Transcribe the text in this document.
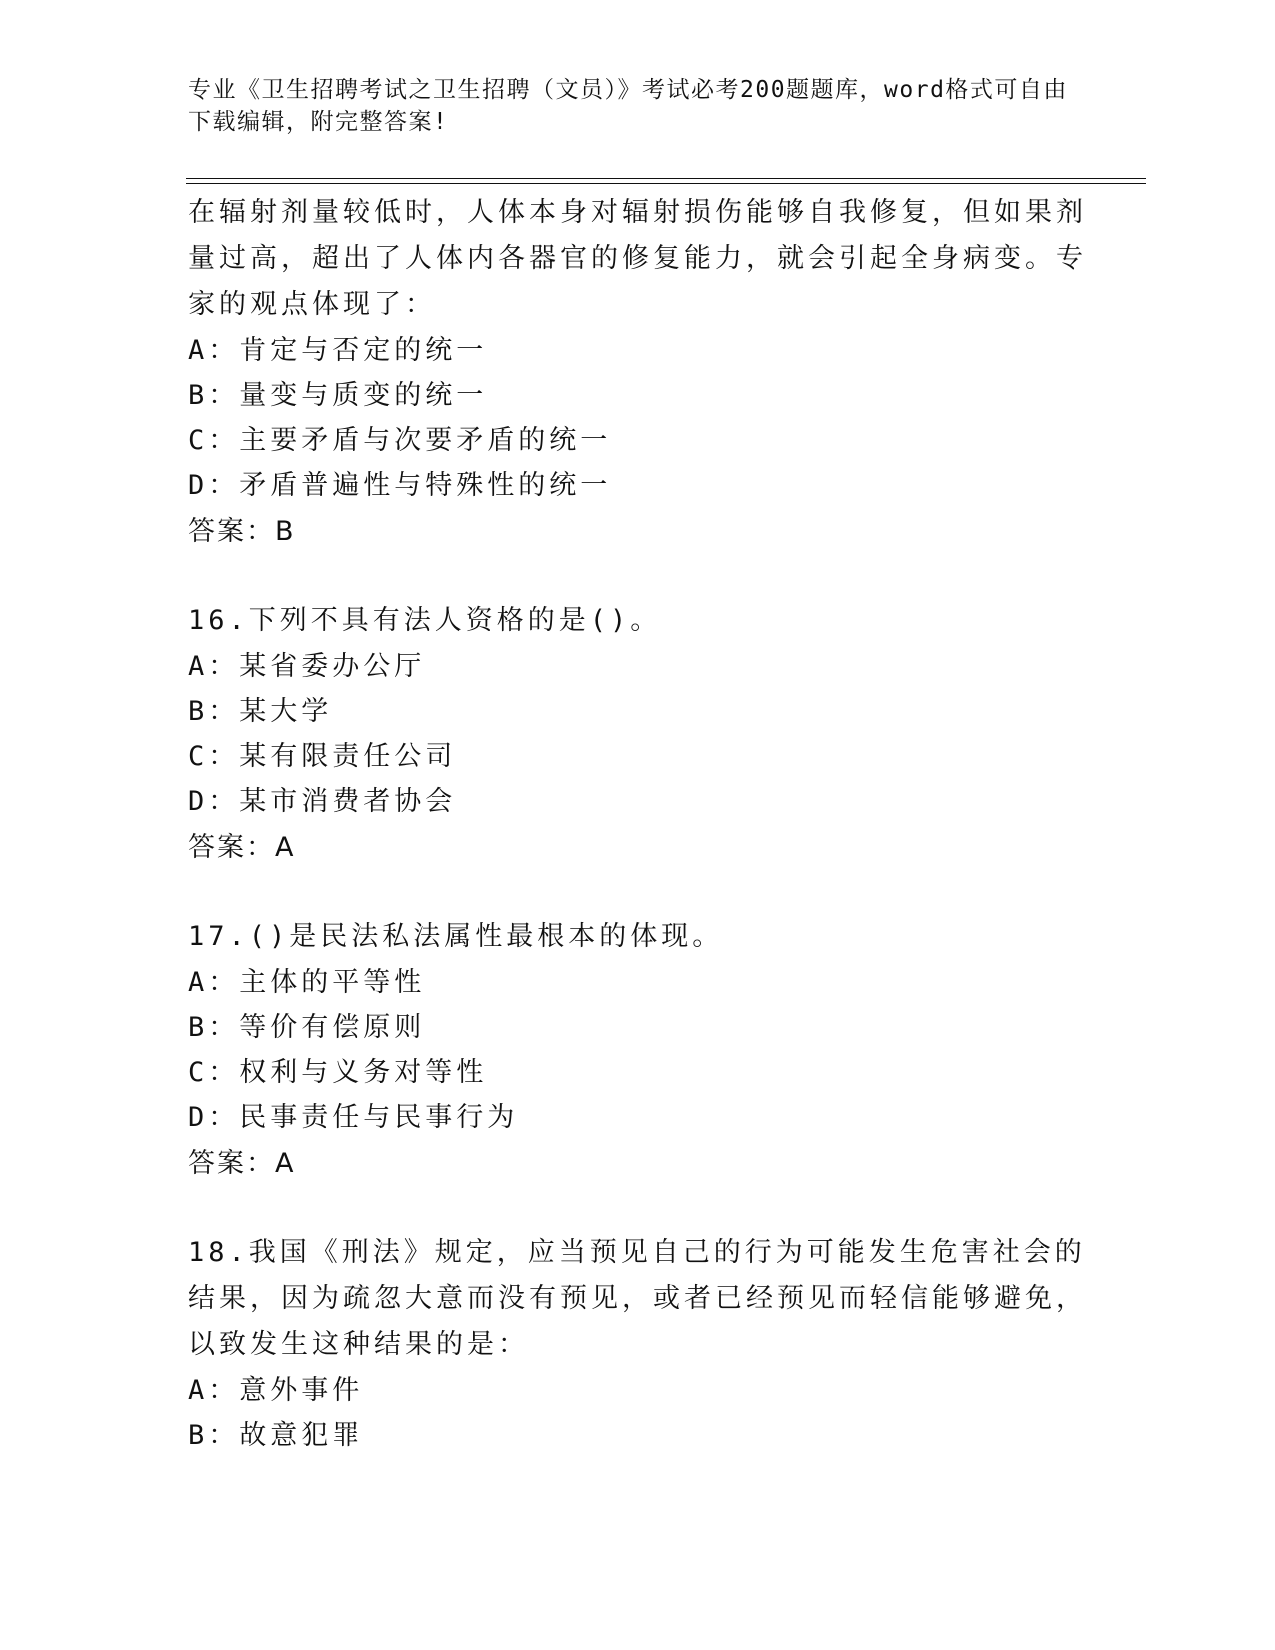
专业《卫生招聘考试之卫生招聘（文员）》考试必考200题题库，word格式可自由下载编辑，附完整答案!
在辐射剂量较低时，人体本身对辐射损伤能够自我修复，但如果剂量过高，超出了人体内各器官的修复能力，就会引起全身病变。专家的观点体现了：
A：肯定与否定的统一
B：量变与质变的统一
C：主要矛盾与次要矛盾的统一
D：矛盾普遍性与特殊性的统一
答案：B
16.下列不具有法人资格的是()。
A：某省委办公厅
B：某大学
C：某有限责任公司
D：某市消费者协会
答案：A
17.()是民法私法属性最根本的体现。
A：主体的平等性
B：等价有偿原则
C：权利与义务对等性
D：民事责任与民事行为
答案：A
18.我国《刑法》规定，应当预见自己的行为可能发生危害社会的结果，因为疏忽大意而没有预见，或者已经预见而轻信能够避免，以致发生这种结果的是：
A：意外事件
B：故意犯罪
